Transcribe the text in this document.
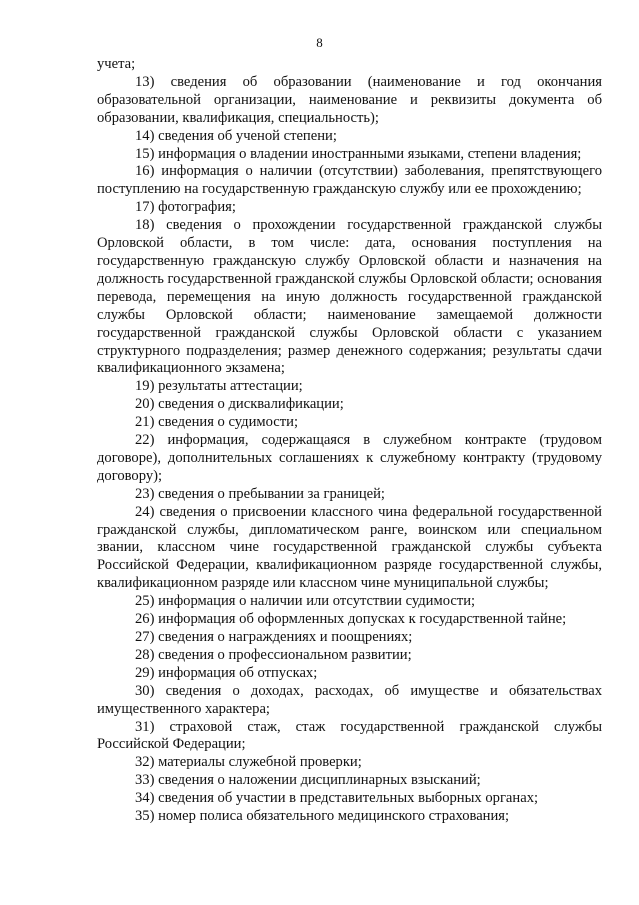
8

учета;

13) сведения об образовании (наименование и год окончания образовательной организации, наименование и реквизиты документа об образовании, квалификация, специальность);

14) сведения об ученой степени;

15) информация о владении иностранными языками, степени владения;

16) информация о наличии (отсутствии) заболевания, препятствующего поступлению на государственную гражданскую службу или ее прохождению;

17) фотография;

18) сведения о прохождении государственной гражданской службы Орловской области, в том числе: дата, основания поступления на государственную гражданскую службу Орловской области и назначения на должность государственной гражданской службы Орловской области; основания перевода, перемещения на иную должность государственной гражданской службы Орловской области; наименование замещаемой должности государственной гражданской службы Орловской области с указанием структурного подразделения; размер денежного содержания; результаты сдачи квалификационного экзамена;

19) результаты аттестации;

20) сведения о дисквалификации;

21) сведения о судимости;

22) информация, содержащаяся в служебном контракте (трудовом договоре), дополнительных соглашениях к служебному контракту (трудовому договору);

23) сведения о пребывании за границей;

24) сведения о присвоении классного чина федеральной государственной гражданской службы, дипломатическом ранге, воинском или специальном звании, классном чине государственной гражданской службы субъекта Российской Федерации, квалификационном разряде государственной службы, квалификационном разряде или классном чине муниципальной службы;

25) информация о наличии или отсутствии судимости;

26) информация об оформленных допусках к государственной тайне;

27) сведения о награждениях и поощрениях;

28) сведения о профессиональном развитии;

29) информация об отпусках;

30) сведения о доходах, расходах, об имуществе и обязательствах имущественного характера;

31) страховой стаж, стаж государственной гражданской службы Российской Федерации;

32) материалы служебной проверки;

33) сведения о наложении дисциплинарных взысканий;

34) сведения об участии в представительных выборных органах;

35) номер полиса обязательного медицинского страхования;
